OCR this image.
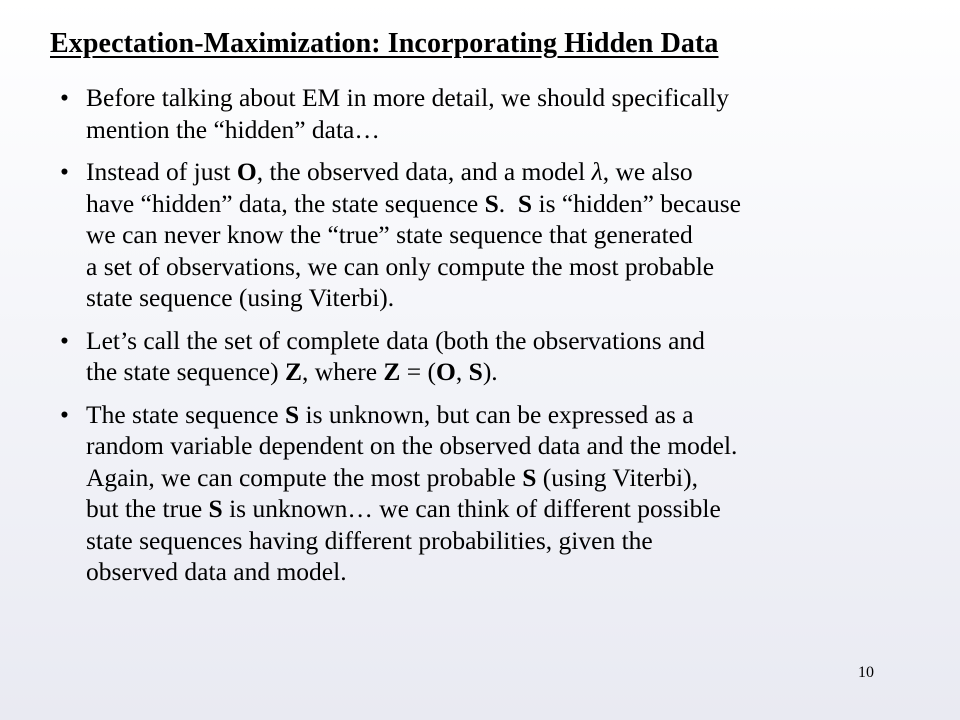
Expectation-Maximization: Incorporating Hidden Data
• Before talking about EM in more detail, we should specifically
mention the “hidden” data…
• Instead of just O, the observed data, and a model λ, we also
have “hidden” data, the state sequence S.  S is “hidden” because
we can never know the “true” state sequence that generated
a set of observations, we can only compute the most probable
state sequence (using Viterbi).
• Let’s call the set of complete data (both the observations and
the state sequence) Z, where Z = (O, S).
• The state sequence S is unknown, but can be expressed as a
random variable dependent on the observed data and the model.
Again, we can compute the most probable S (using Viterbi),
but the true S is unknown… we can think of different possible
state sequences having different probabilities, given the
observed data and model.
10
